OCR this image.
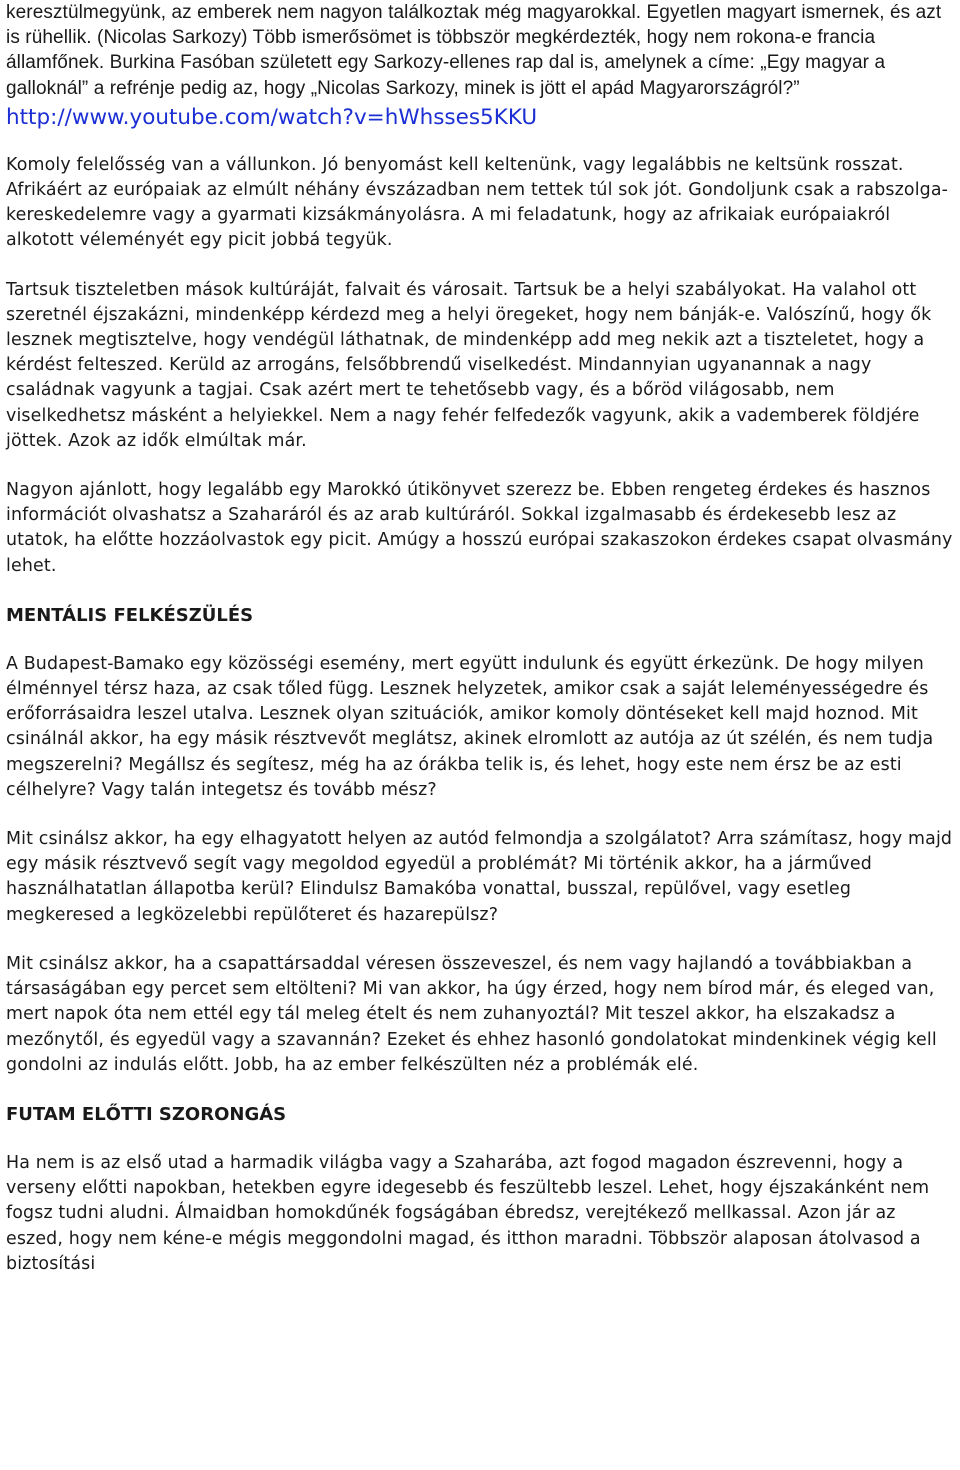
keresztülmegyünk, az emberek nem nagyon találkoztak még magyarokkal. Egyetlen magyart ismernek, és azt is rühellik. (Nicolas Sarkozy) Több ismerősömet is többször megkérdezték, hogy nem rokona-e francia államfőnek. Burkina Fasóban született egy Sarkozy-ellenes rap dal is, amelynek a címe: „Egy magyar a galloknál” a refrénje pedig az, hogy „Nicolas Sarkozy, minek is jött el apád Magyarországról?”

http://www.youtube.com/watch?v=hWhsses5KKU

Komoly felelősség van a vállunkon. Jó benyomást kell keltenünk, vagy legalábbis ne keltsünk rosszat. Afrikáért az európaiak az elmúlt néhány évszázadban nem tettek túl sok jót. Gondoljunk csak a rabszolga-kereskedelemre vagy a gyarmati kizsákmányolásra. A mi feladatunk, hogy az afrikaiak európaiakról alkotott véleményét egy picit jobbá tegyük.

Tartsuk tiszteletben mások kultúráját, falvait és városait. Tartsuk be a helyi szabályokat. Ha valahol ott szeretnél éjszakázni, mindenképp kérdezd meg a helyi öregeket, hogy nem bánják-e. Valószínű, hogy ők lesznek megtisztelve, hogy vendégül láthatnak, de mindenképp add meg nekik azt a tiszteletet, hogy a kérdést felteszed. Kerüld az arrogáns, felsőbbrendű viselkedést. Mindannyian ugyanannak a nagy családnak vagyunk a tagjai. Csak azért mert te tehetősebb vagy, és a bőröd világosabb, nem viselkedhetsz másként a helyiekkel. Nem a nagy fehér felfedezők vagyunk, akik a vademberek földjére jöttek. Azok az idők elmúltak már.

Nagyon ajánlott, hogy legalább egy Marokkó útikönyvet szerezz be. Ebben rengeteg érdekes és hasznos információt olvashatsz a Szaharáról és az arab kultúráról. Sokkal izgalmasabb és érdekesebb lesz az utatok, ha előtte hozzáolvastok egy picit. Amúgy a hosszú európai szakaszokon érdekes csapat olvasmány lehet.

MENTÁLIS FELKÉSZÜLÉS

A Budapest-Bamako egy közösségi esemény, mert együtt indulunk és együtt érkezünk. De hogy milyen élménnyel térsz haza, az csak tőled függ. Lesznek helyzetek, amikor csak a saját leleményességedre és erőforrásaidra leszel utalva. Lesznek olyan szituációk, amikor komoly döntéseket kell majd hoznod. Mit csinálnál akkor, ha egy másik résztvevőt meglátsz, akinek elromlott az autója az út szélén, és nem tudja megszerelni? Megállsz és segítesz, még ha az órákba telik is, és lehet, hogy este nem érsz be az esti célhelyre? Vagy talán integetsz és tovább mész?

Mit csinálsz akkor, ha egy elhagyatott helyen az autód felmondja a szolgálatot? Arra számítasz, hogy majd egy másik résztvevő segít vagy megoldod egyedül a problémát? Mi történik akkor, ha a járműved használhatatlan állapotba kerül? Elindulsz Bamakóba vonattal, busszal, repülővel, vagy esetleg megkeresed a legközelebbi repülőteret és hazarepülsz?

Mit csinálsz akkor, ha a csapattársaddal véresen összeveszel, és nem vagy hajlandó a továbbiakban a társaságában egy percet sem eltölteni? Mi van akkor, ha úgy érzed, hogy nem bírod már, és eleged van, mert napok óta nem ettél egy tál meleg ételt és nem zuhanyoztál? Mit teszel akkor, ha elszakadsz a mezőnytől, és egyedül vagy a szavannán? Ezeket és ehhez hasonló gondolatokat mindenkinek végig kell gondolni az indulás előtt. Jobb, ha az ember felkészülten néz a problémák elé.

FUTAM ELŐTTI SZORONGÁS

Ha nem is az első utad a harmadik világba vagy a Szaharába, azt fogod magadon észrevenni, hogy a verseny előtti napokban, hetekben egyre idegesebb és feszültebb leszel. Lehet, hogy éjszakánként nem fogsz tudni aludni. Álmaidban homokdűnék fogságában ébredsz, verejtékező mellkassal. Azon jár az eszed, hogy nem kéne-e mégis meggondolni magad, és itthon maradni. Többször alaposan átolvasod a biztosítási
